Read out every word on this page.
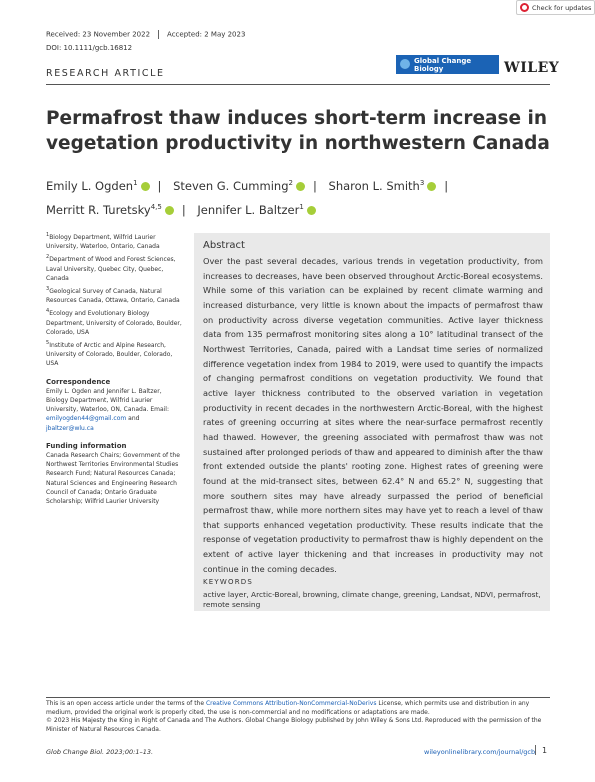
Check for updates
Received: 23 November 2022 Accepted: 2 May 2023
DOI: 10.1111/gcb.16812
RESEARCH ARTICLE
Global Change Biology	WILEY
Permafrost thaw induces short-term increase in vegetation productivity in northwestern Canada
Emily L. Ogden$^1$ | Steven G. Cumming$^2$ | Sharon L. Smith$^3$ |
Merritt R. Turetsky$^{4,5}$ | Jennifer L. Baltzer$^1$
$^1$Biology Department, Wilfrid Laurier University, Waterloo, Ontario, Canada
$^2$Department of Wood and Forest Sciences, Laval University, Quebec City, Quebec, Canada
$^3$Geological Survey of Canada, Natural Resources Canada, Ottawa, Ontario, Canada
$^4$Ecology and Evolutionary Biology Department, University of Colorado, Boulder, Colorado, USA
$^5$Institute of Arctic and Alpine Research, University of Colorado, Boulder, Colorado, USA
Correspondence
Emily L. Ogden and Jennifer L. Baltzer, Biology Department, Wilfrid Laurier University, Waterloo, ON, Canada. Email: emilyogden44@gmail.com and jbaltzer@wlu.ca
Funding information
Canada Research Chairs; Government of the Northwest Territories Environmental Studies Research Fund; Natural Resources Canada; Natural Sciences and Engineering Research Council of Canada; Ontario Graduate Scholarship; Wilfrid Laurier University
Abstract
Over the past several decades, various trends in vegetation productivity, from increases to decreases, have been observed throughout Arctic-Boreal ecosystems. While some of this variation can be explained by recent climate warming and increased disturbance, very little is known about the impacts of permafrost thaw on productivity across diverse vegetation communities. Active layer thickness data from 135 permafrost monitoring sites along a 10° latitudinal transect of the Northwest Territories, Canada, paired with a Landsat time series of normalized difference vegetation index from 1984 to 2019, were used to quantify the impacts of changing permafrost conditions on vegetation productivity. We found that active layer thickness contributed to the observed variation in vegetation productivity in recent decades in the northwestern Arctic-Boreal, with the highest rates of greening occurring at sites where the near-surface permafrost recently had thawed. However, the greening associated with permafrost thaw was not sustained after prolonged periods of thaw and appeared to diminish after the thaw front extended outside the plants' rooting zone. Highest rates of greening were found at the mid-transect sites, between 62.4° N and 65.2° N, suggesting that more southern sites may have already surpassed the period of beneficial permafrost thaw, while more northern sites may have yet to reach a level of thaw that supports enhanced vegetation productivity. These results indicate that the response of vegetation productivity to permafrost thaw is highly dependent on the extent of active layer thickening and that increases in productivity may not continue in the coming decades.
KEYWORDS
active layer, Arctic-Boreal, browning, climate change, greening, Landsat, NDVI, permafrost, remote sensing
This is an open access article under the terms of the Creative Commons Attribution-NonCommercial-NoDerivs License, which permits use and distribution in any medium, provided the original work is properly cited, the use is non-commercial and no modifications or adaptations are made.
© 2023 His Majesty the King in Right of Canada and The Authors. Global Change Biology published by John Wiley & Sons Ltd. Reproduced with the permission of the Minister of Natural Resources Canada.
Glob Change Biol. 2023;00:1–13.	wileyonlinelibrary.com/journal/gcb 1
